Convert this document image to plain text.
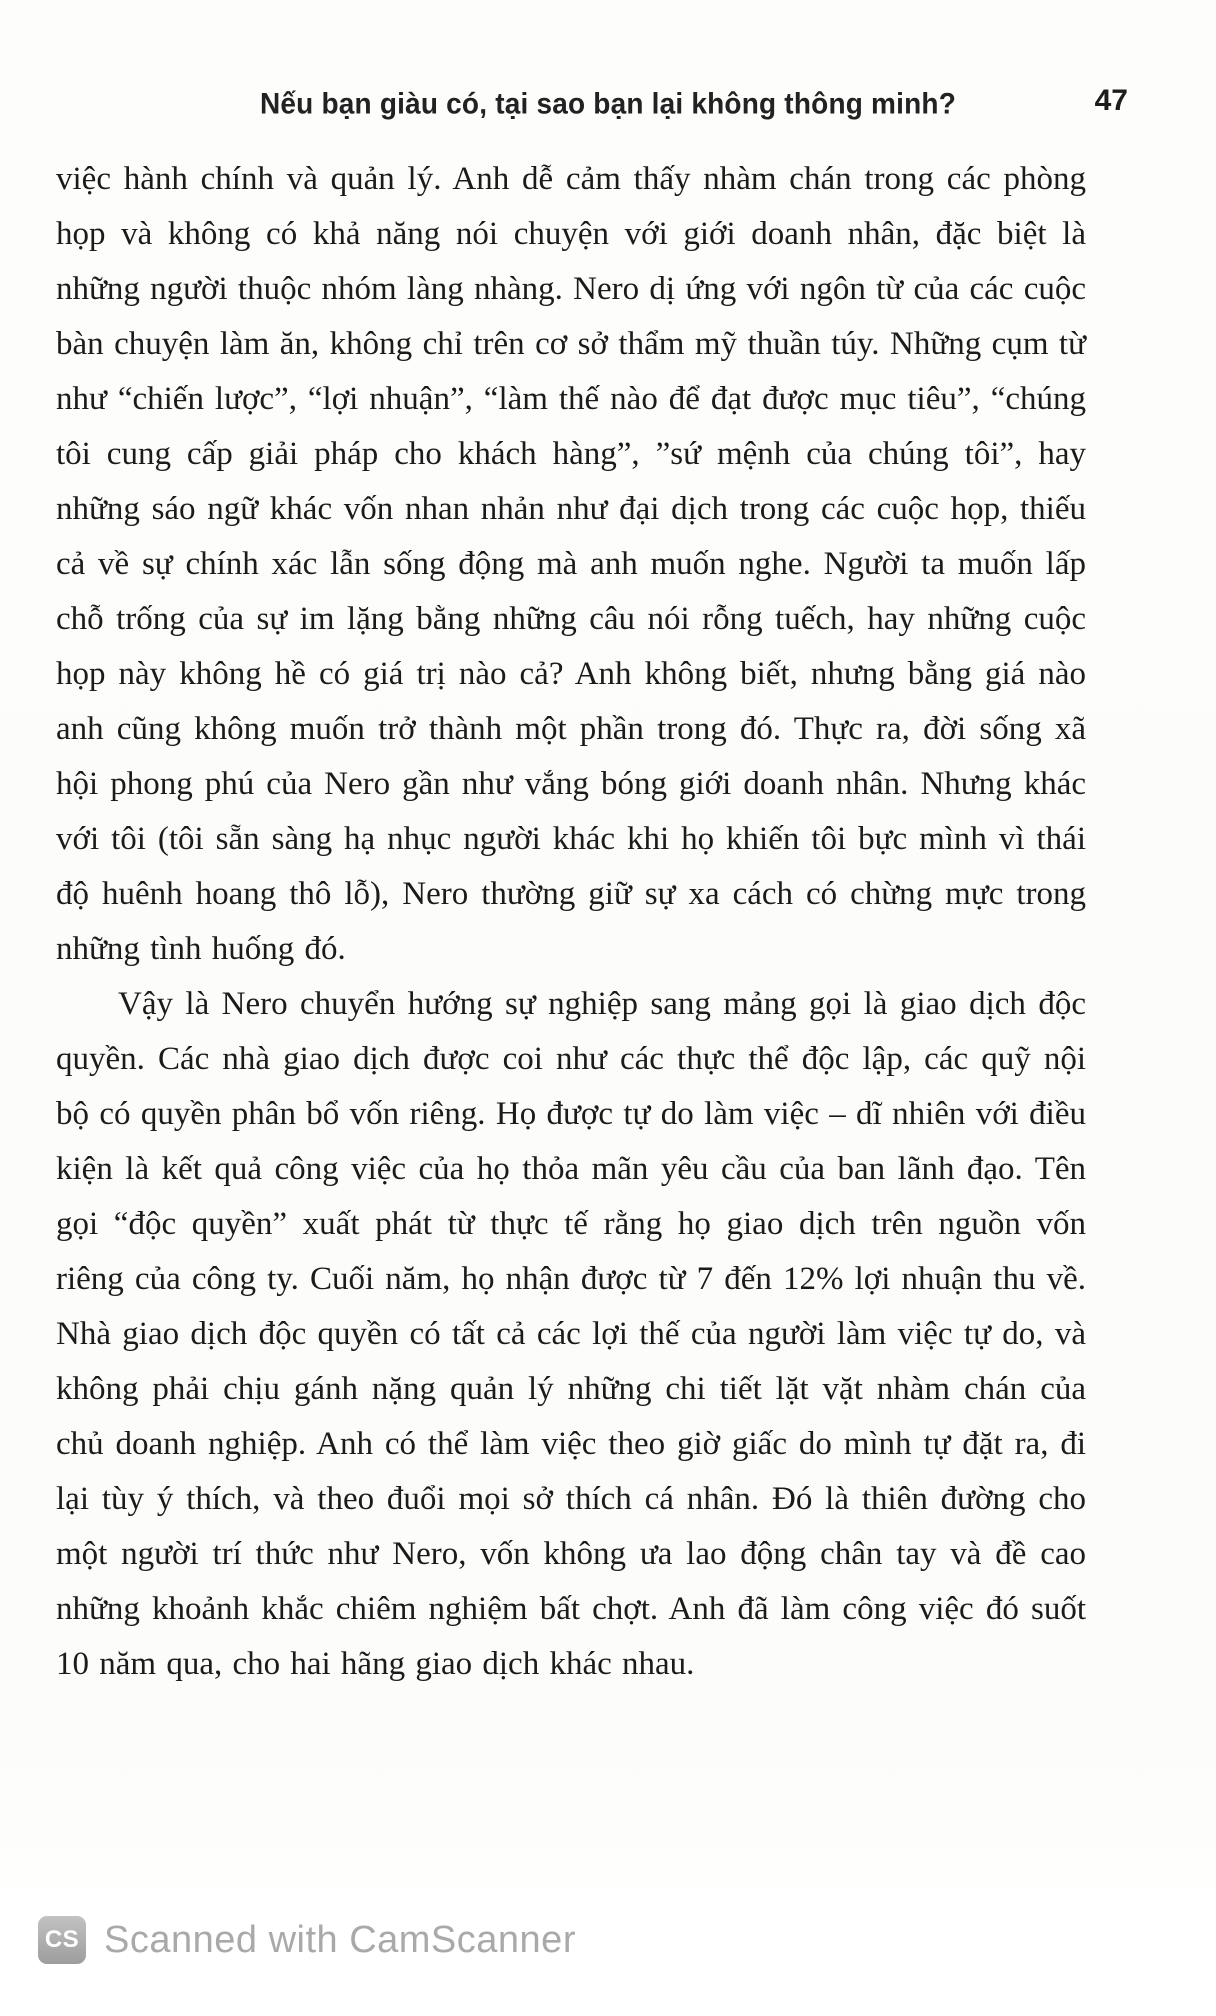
Nếu bạn giàu có, tại sao bạn lại không thông minh?	47

việc hành chính và quản lý. Anh dễ cảm thấy nhàm chán trong các phòng họp và không có khả năng nói chuyện với giới doanh nhân, đặc biệt là những người thuộc nhóm làng nhàng. Nero dị ứng với ngôn từ của các cuộc bàn chuyện làm ăn, không chỉ trên cơ sở thẩm mỹ thuần túy. Những cụm từ như “chiến lược”, “lợi nhuận”, “làm thế nào để đạt được mục tiêu”, “chúng tôi cung cấp giải pháp cho khách hàng”, ”sứ mệnh của chúng tôi”, hay những sáo ngữ khác vốn nhan nhản như đại dịch trong các cuộc họp, thiếu cả về sự chính xác lẫn sống động mà anh muốn nghe. Người ta muốn lấp chỗ trống của sự im lặng bằng những câu nói rỗng tuếch, hay những cuộc họp này không hề có giá trị nào cả? Anh không biết, nhưng bằng giá nào anh cũng không muốn trở thành một phần trong đó. Thực ra, đời sống xã hội phong phú của Nero gần như vắng bóng giới doanh nhân. Nhưng khác với tôi (tôi sẵn sàng hạ nhục người khác khi họ khiến tôi bực mình vì thái độ huênh hoang thô lỗ), Nero thường giữ sự xa cách có chừng mực trong những tình huống đó.

Vậy là Nero chuyển hướng sự nghiệp sang mảng gọi là giao dịch độc quyền. Các nhà giao dịch được coi như các thực thể độc lập, các quỹ nội bộ có quyền phân bổ vốn riêng. Họ được tự do làm việc – dĩ nhiên với điều kiện là kết quả công việc của họ thỏa mãn yêu cầu của ban lãnh đạo. Tên gọi “độc quyền” xuất phát từ thực tế rằng họ giao dịch trên nguồn vốn riêng của công ty. Cuối năm, họ nhận được từ 7 đến 12% lợi nhuận thu về. Nhà giao dịch độc quyền có tất cả các lợi thế của người làm việc tự do, và không phải chịu gánh nặng quản lý những chi tiết lặt vặt nhàm chán của chủ doanh nghiệp. Anh có thể làm việc theo giờ giấc do mình tự đặt ra, đi lại tùy ý thích, và theo đuổi mọi sở thích cá nhân. Đó là thiên đường cho một người trí thức như Nero, vốn không ưa lao động chân tay và đề cao những khoảnh khắc chiêm nghiệm bất chợt. Anh đã làm công việc đó suốt 10 năm qua, cho hai hãng giao dịch khác nhau.

CS Scanned with CamScanner
